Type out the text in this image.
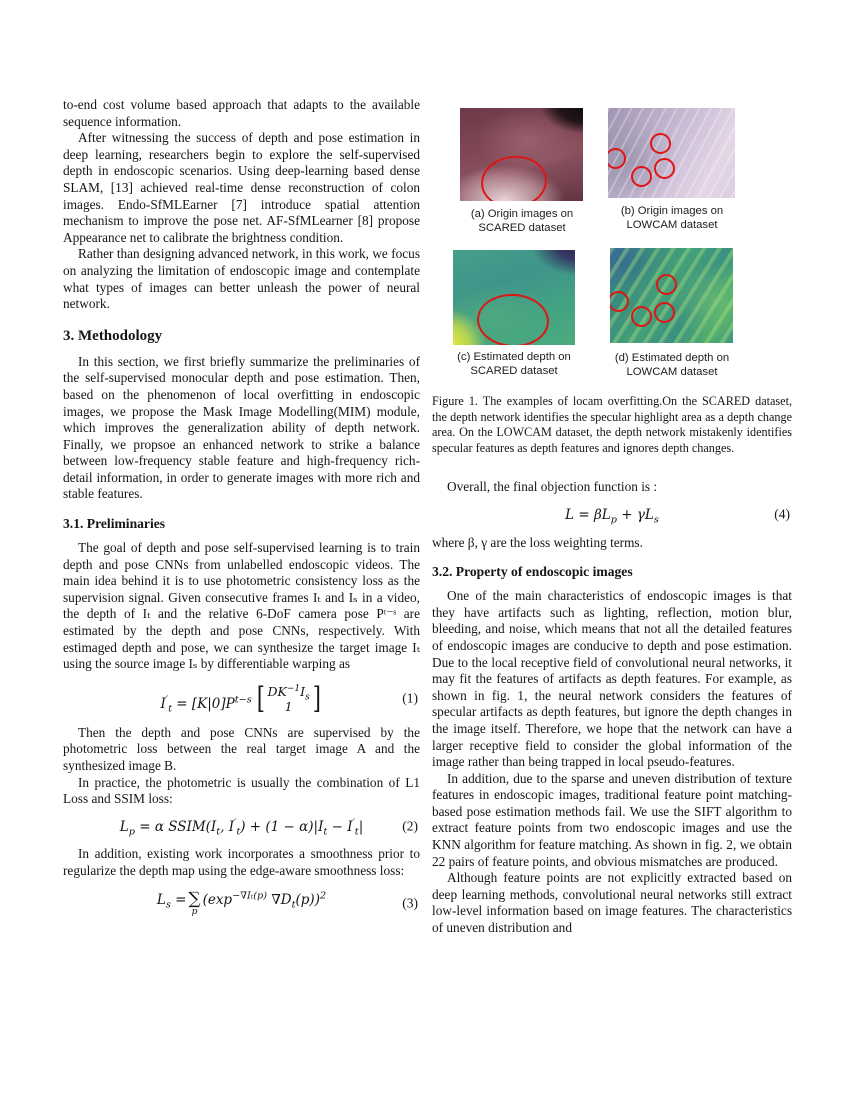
to-end cost volume based approach that adapts to the available sequence information.

After witnessing the success of depth and pose estimation in deep learning, researchers begin to explore the self-supervised depth in endoscopic scenarios. Using deep-learning based dense SLAM, [13] achieved real-time dense reconstruction of colon images. Endo-SfMLEarner [7] introduce spatial attention mechanism to improve the pose net. AF-SfMLearner [8] propose Appearance net to calibrate the brightness condition.

Rather than designing advanced network, in this work, we focus on analyzing the limitation of endoscopic image and contemplate what types of images can better unleash the power of neural network.

3. Methodology

In this section, we first briefly summarize the preliminaries of the self-supervised monocular depth and pose estimation. Then, based on the phenomenon of local overfitting in endoscopic images, we propose the Mask Image Modelling(MIM) module, which improves the generalization ability of depth network. Finally, we propsoe an enhanced network to strike a balance between low-frequency stable feature and high-frequency rich-detail information, in order to generate images with more rich and stable features.

3.1. Preliminaries

The goal of depth and pose self-supervised learning is to train depth and pose CNNs from unlabelled endoscopic videos. The main idea behind it is to use photometric consistency loss as the supervision signal. Given consecutive frames Iₜ and Iₛ in a video, the depth of Iₜ and the relative 6-DoF camera pose Pᵗ⁻ˢ are estimated by the depth and pose CNNs, respectively. With estimaged depth and pose, we can synthesize the target image Iₜ using the source image Iₛ by differentiable warping as

$I'_t = [K|0]P^{t-s}$ [ $DK^{-1}I_s$
1 ]	(1)

Then the depth and pose CNNs are supervised by the photometric loss between the real target image A and the synthesized image B.

In practice, the photometric is usually the combination of L1 Loss and SSIM loss:

$L_p = \alpha$ $SSIM(I_t$, $I'_t) + (1 - \alpha)|I_t - I'_t|$	(2)

In addition, existing work incorporates a smoothness prior to regularize the depth map using the edge-aware smoothness loss:

$L_s$ = ∑
p
($\exp^{-\nabla I_t(p)}$ $\nabla D_t(p))^2$	(3)
(a) Origin images on
SCARED dataset
(b) Origin images on
LOWCAM dataset
(c) Estimated depth on
SCARED dataset
(d) Estimated depth on
LOWCAM dataset
Figure 1. The examples of locam overfitting.On the SCARED dataset, the depth network identifies the specular highlight area as a depth change area. On the LOWCAM dataset, the depth network mistakenly identifies specular features as depth features and ignores depth changes.

Overall, the final objection function is :

$L = \beta L_p + \gamma L_s$	(4)

where β, γ are the loss weighting terms.

3.2. Property of endoscopic images

One of the main characteristics of endoscopic images is that they have artifacts such as lighting, reflection, motion blur, bleeding, and noise, which means that not all the detailed features of endoscopic images are conducive to depth and pose estimation. Due to the local receptive field of convolutional neural networks, it may fit the features of artifacts as depth features. For example, as shown in fig. 1, the neural network considers the features of specular artifacts as depth features, but ignore the depth changes in the image itself. Therefore, we hope that the network can have a larger receptive field to consider the global information of the image rather than being trapped in local pseudo-features.

In addition, due to the sparse and uneven distribution of texture features in endoscopic images, traditional feature point matching-based pose estimation methods fail. We use the SIFT algorithm to extract feature points from two endoscopic images and use the KNN algorithm for feature matching. As shown in fig. 2, we obtain 22 pairs of feature points, and obvious mismatches are produced.

Although feature points are not explicitly extracted based on deep learning methods, convolutional neural networks still extract low-level information based on image features. The characteristics of uneven distribution and
